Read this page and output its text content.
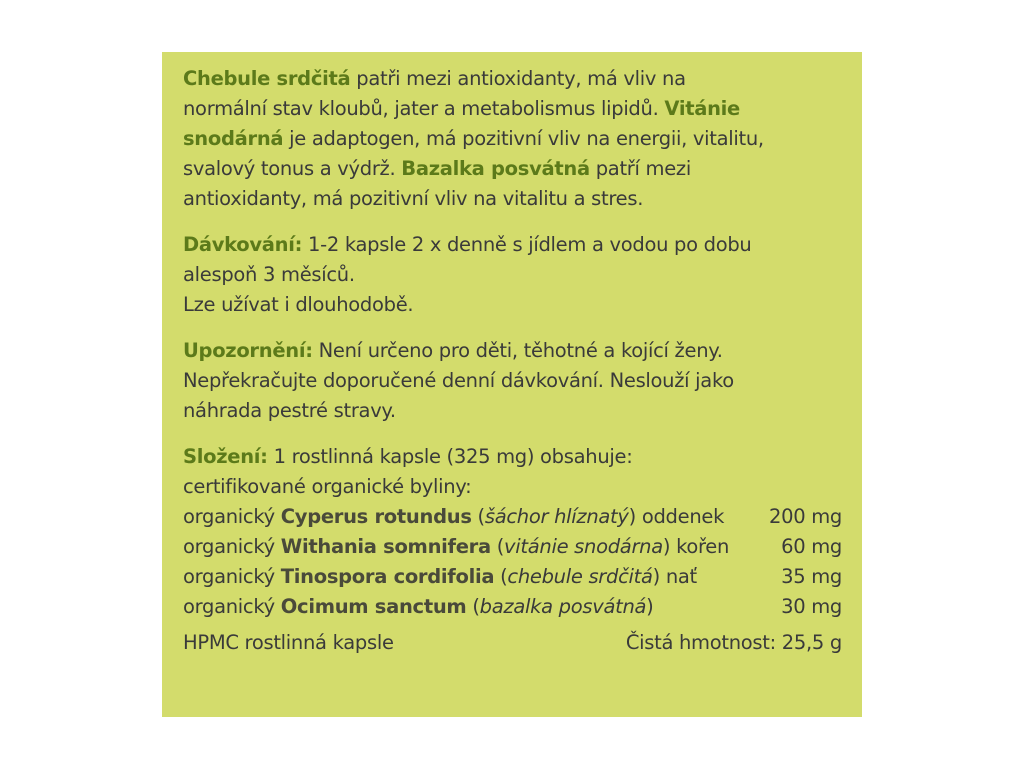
Chebule srdčitá patři mezi antioxidanty, má vliv na
normální stav kloubů, jater a metabolismus lipidů. Vitánie
snodárná je adaptogen, má pozitivní vliv na energii, vitalitu,
svalový tonus a výdrž. Bazalka posvátná patří mezi
antioxidanty, má pozitivní vliv na vitalitu a stres.

Dávkování: 1-2 kapsle 2 x denně s jídlem a vodou po dobu
alespoň 3 měsíců.
Lze užívat i dlouhodobě.

Upozornění: Není určeno pro děti, těhotné a kojící ženy.
Nepřekračujte doporučené denní dávkování. Neslouží jako
náhrada pestré stravy.

Složení: 1 rostlinná kapsle (325 mg) obsahuje:
certifikované organické byliny:

organický Cyperus rotundus (šáchor hlíznatý) oddenek 200 mg
organický Withania somnifera (vitánie snodárna) kořen	60 mg
organický Tinospora cordifolia (chebule srdčitá) nať	35 mg
organický Ocimum sanctum (bazalka posvátná)	30 mg
HPMC rostlinná kapsle	Čistá hmotnost: 25,5 g
